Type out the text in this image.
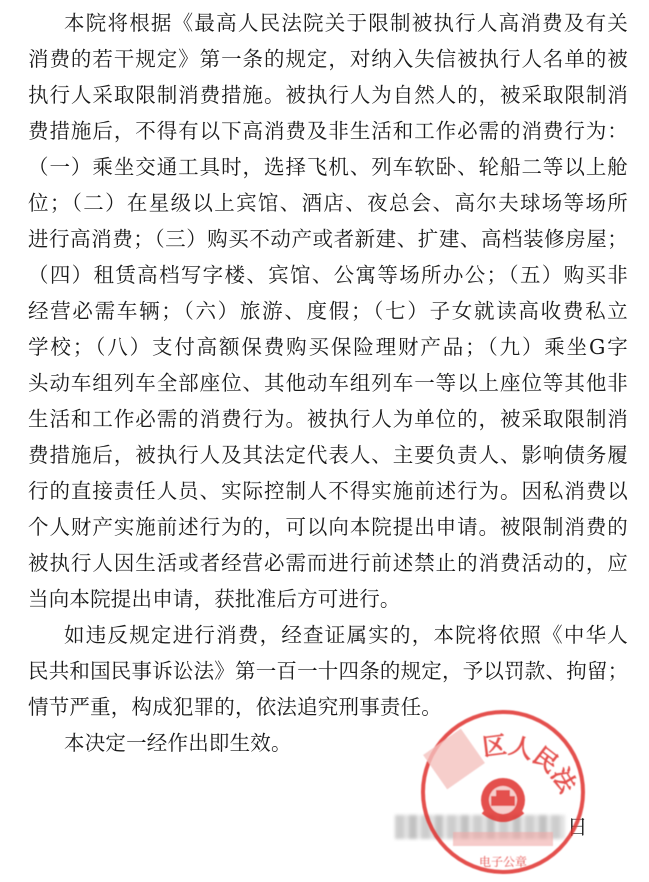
本院将根据《最高人民法院关于限制被执行人高消费及有关
消费的若干规定》第一条的规定，对纳入失信被执行人名单的被
执行人采取限制消费措施。被执行人为自然人的，被采取限制消
费措施后，不得有以下高消费及非生活和工作必需的消费行为：
（一）乘坐交通工具时，选择飞机、列车软卧、轮船二等以上舱
位；（二）在星级以上宾馆、酒店、夜总会、高尔夫球场等场所
进行高消费；（三）购买不动产或者新建、扩建、高档装修房屋；
（四）租赁高档写字楼、宾馆、公寓等场所办公；（五）购买非
经营必需车辆；（六）旅游、度假；（七）子女就读高收费私立
学校；（八）支付高额保费购买保险理财产品；（九）乘坐G字
头动车组列车全部座位、其他动车组列车一等以上座位等其他非
生活和工作必需的消费行为。被执行人为单位的，被采取限制消
费措施后，被执行人及其法定代表人、主要负责人、影响债务履
行的直接责任人员、实际控制人不得实施前述行为。因私消费以
个人财产实施前述行为的，可以向本院提出申请。被限制消费的
被执行人因生活或者经营必需而进行前述禁止的消费活动的，应
当向本院提出申请，获批准后方可进行。
如违反规定进行消费，经查证属实的，本院将依照《中华人
民共和国民事诉讼法》第一百一十四条的规定，予以罚款、拘留；
情节严重，构成犯罪的，依法追究刑事责任。
本决定一经作出即生效。
日
区人民法
电子公章
